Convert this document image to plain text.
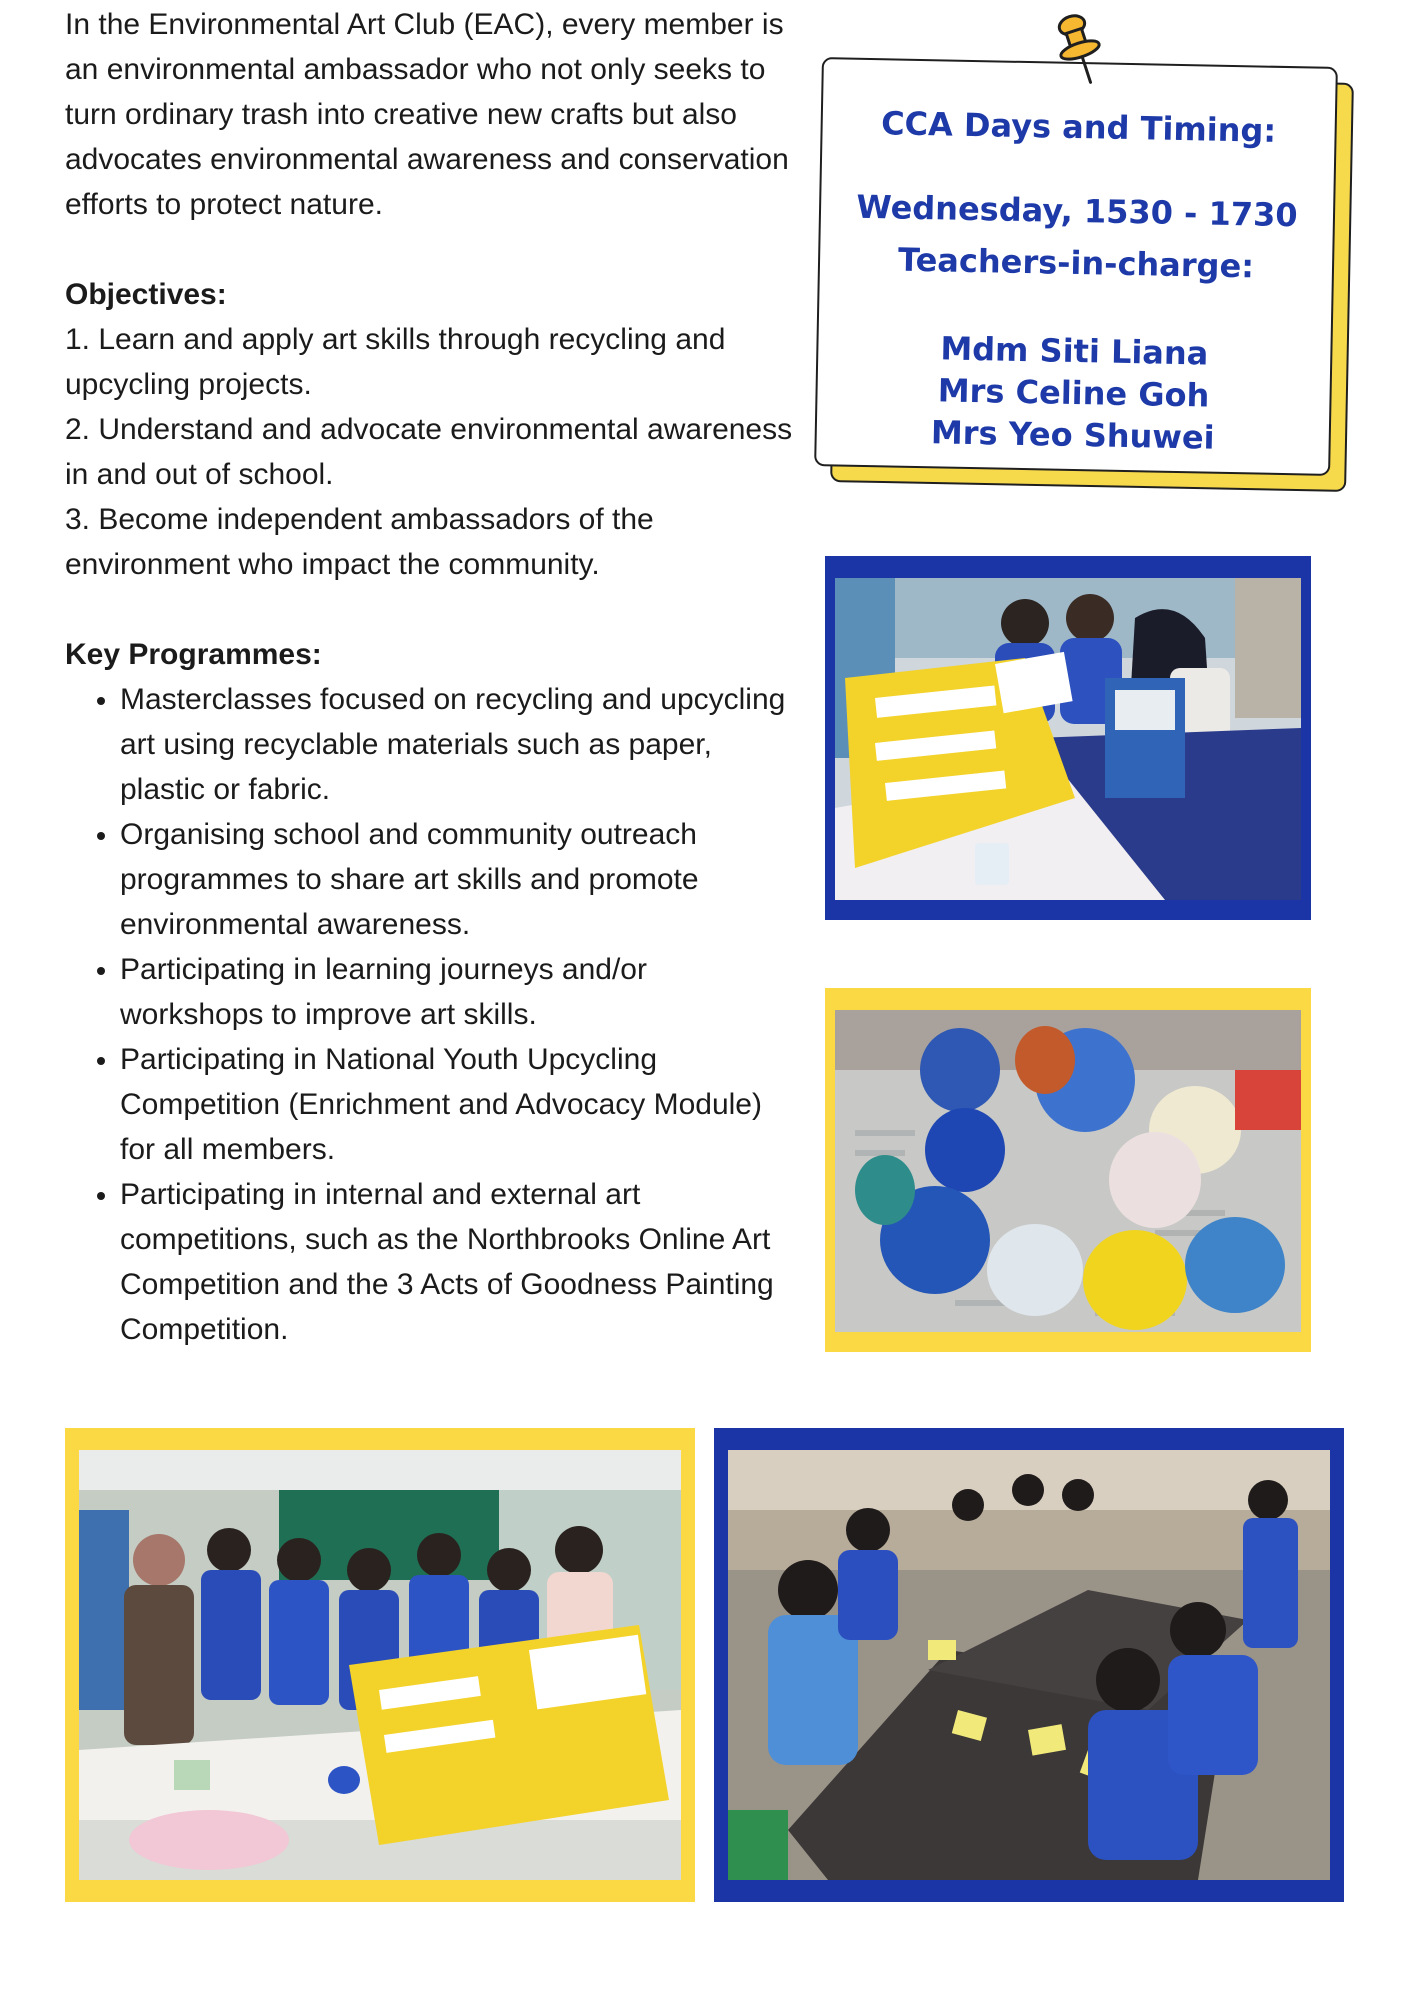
In the Environmental Art Club (EAC), every member is an environmental ambassador who not only seeks to turn ordinary trash into creative new crafts but also advocates environmental awareness and conservation efforts to protect nature.

Objectives:

1. Learn and apply art skills through recycling and upcycling projects.
2. Understand and advocate environmental awareness in and out of school.
3. Become independent ambassadors of the environment who impact the community.

Key Programmes:

• Masterclasses focused on recycling and upcycling art using recyclable materials such as paper, plastic or fabric.
• Organising school and community outreach programmes to share art skills and promote environmental awareness.
• Participating in learning journeys and/or workshops to improve art skills.
• Participating in National Youth Upcycling Competition (Enrichment and Advocacy Module) for all members.
• Participating in internal and external art competitions, such as the Northbrooks Online Art Competition and the 3 Acts of Goodness Painting Competition.
CCA Days and Timing:
Wednesday, 1530 - 1730
Teachers-in-charge:
Mdm Siti Liana
Mrs Celine Goh
Mrs Yeo Shuwei
